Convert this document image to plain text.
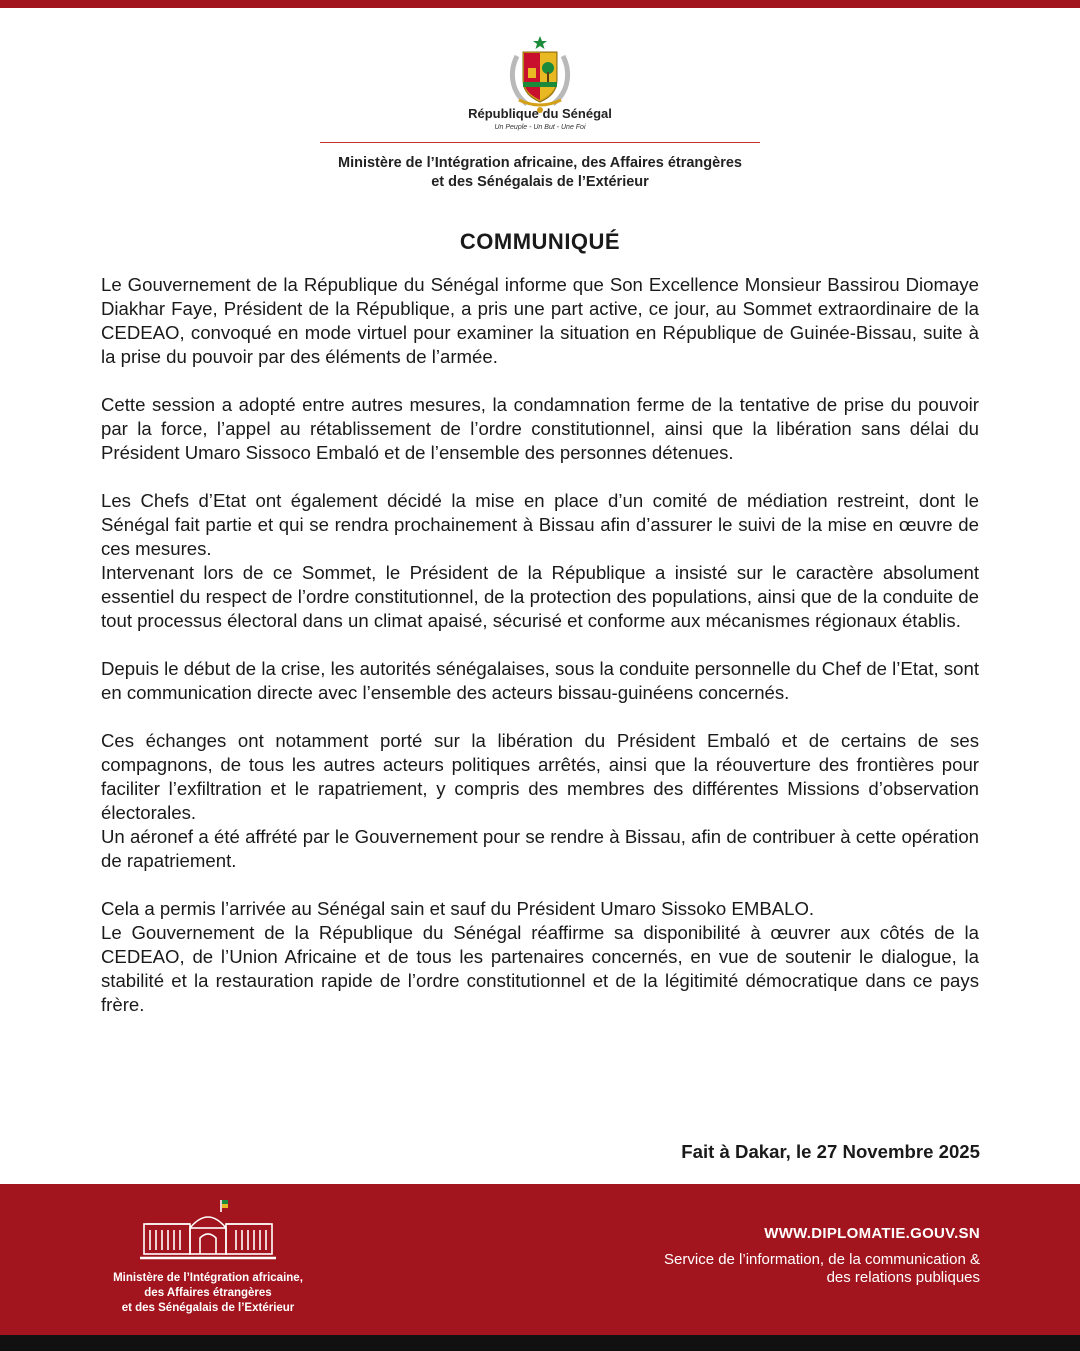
République du Sénégal
Un Peuple - Un But - Une Foi
Ministère de l’Intégration africaine, des Affaires étrangères
et des Sénégalais de l’Extérieur
COMMUNIQUÉ

Le Gouvernement de la République du Sénégal informe que Son Excellence Monsieur Bassirou Diomaye Diakhar Faye, Président de la République, a pris une part active, ce jour, au Sommet extraordinaire de la CEDEAO, convoqué en mode virtuel pour examiner la situation en République de Guinée-Bissau, suite à la prise du pouvoir par des éléments de l’armée.

Cette session a adopté entre autres mesures, la condamnation ferme de la tentative de prise du pouvoir par la force, l’appel au rétablissement de l’ordre constitutionnel, ainsi que la libération sans délai du Président Umaro Sissoco Embaló et de l’ensemble des personnes détenues.

Les Chefs d’Etat ont également décidé la mise en place d’un comité de médiation restreint, dont le Sénégal fait partie et qui se rendra prochainement à Bissau afin d’assurer le suivi de la mise en œuvre de ces mesures.

Intervenant lors de ce Sommet, le Président de la République a insisté sur le caractère absolument essentiel du respect de l’ordre constitutionnel, de la protection des populations, ainsi que de la conduite de tout processus électoral dans un climat apaisé, sécurisé et conforme aux mécanismes régionaux établis.

Depuis le début de la crise, les autorités sénégalaises, sous la conduite personnelle du Chef de l’Etat, sont en communication directe avec l’ensemble des acteurs bissau-guinéens concernés.

Ces échanges ont notamment porté sur la libération du Président Embaló et de certains de ses compagnons, de tous les autres acteurs politiques arrêtés, ainsi que la réouverture des frontières pour faciliter l’exfiltration et le rapatriement, y compris des membres des différentes Missions d’observation électorales.

Un aéronef a été affrété par le Gouvernement pour se rendre à Bissau, afin de contribuer à cette opération de rapatriement.

Cela a permis l’arrivée au Sénégal sain et sauf du Président Umaro Sissoko EMBALO.

Le Gouvernement de la République du Sénégal réaffirme sa disponibilité à œuvrer aux côtés de la CEDEAO, de l’Union Africaine et de tous les partenaires concernés, en vue de soutenir le dialogue, la stabilité et la restauration rapide de l’ordre constitutionnel et de la légitimité démocratique dans ce pays frère.

Fait à Dakar, le 27 Novembre 2025
Ministère de l’Intégration africaine,
des Affaires étrangères
et des Sénégalais de l’Extérieur
WWW.DIPLOMATIE.GOUV.SN
Service de l’information, de la communication &
des relations publiques
